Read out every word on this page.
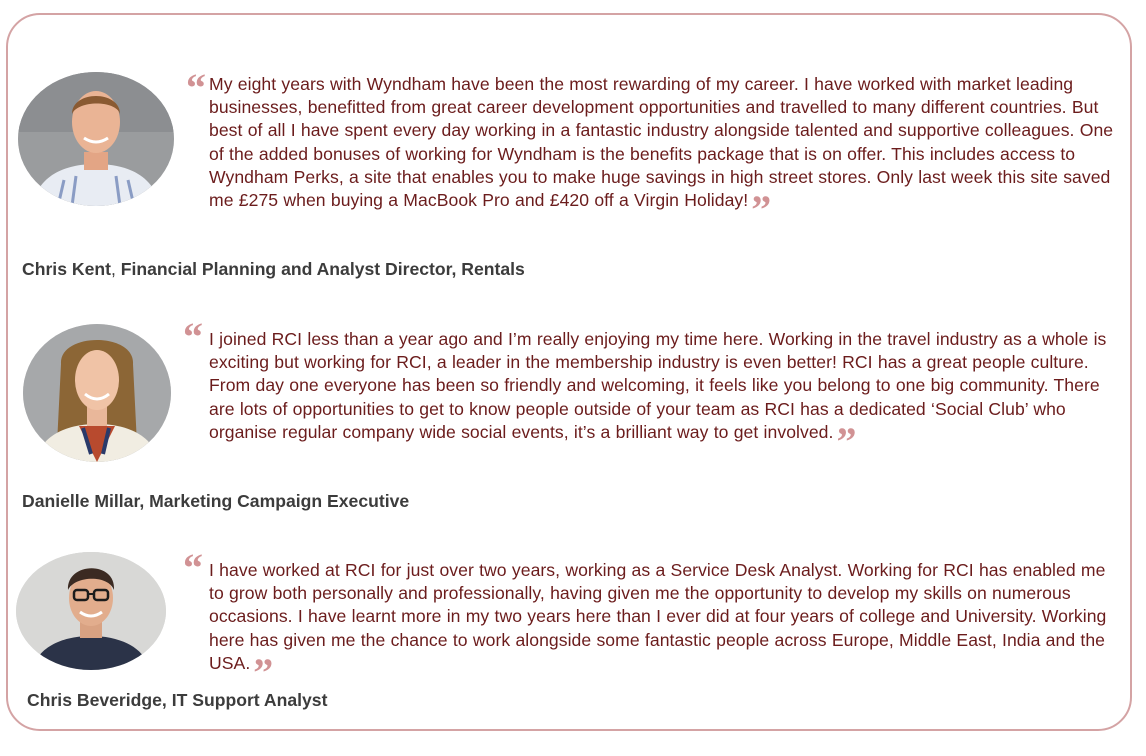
“ My eight years with Wyndham have been the most rewarding of my career. I have worked with market leading businesses, benefitted from great career development opportunities and travelled to many different countries. But best of all I have spent every day working in a fantastic industry alongside talented and supportive colleagues. One of the added bonuses of working for Wyndham is the benefits package that is on offer. This includes access to Wyndham Perks, a site that enables you to make huge savings in high street stores. Only last week this site saved me £275 when buying a MacBook Pro and £420 off a Virgin Holiday! ”
Chris Kent, Financial Planning and Analyst Director, Rentals
“ I joined RCI less than a year ago and I’m really enjoying my time here. Working in the travel industry as a whole is exciting but working for RCI, a leader in the membership industry is even better! RCI has a great people culture. From day one everyone has been so friendly and welcoming, it feels like you belong to one big community. There are lots of opportunities to get to know people outside of your team as RCI has a dedicated ‘Social Club’ who organise regular company wide social events, it’s a brilliant way to get involved. ”
Danielle Millar, Marketing Campaign Executive
“ I have worked at RCI for just over two years, working as a Service Desk Analyst. Working for RCI has enabled me to grow both personally and professionally, having given me the opportunity to develop my skills on numerous occasions. I have learnt more in my two years here than I ever did at four years of college and University. Working here has given me the chance to work alongside some fantastic people across Europe, Middle East, India and the USA. ”
Chris Beveridge, IT Support Analyst
